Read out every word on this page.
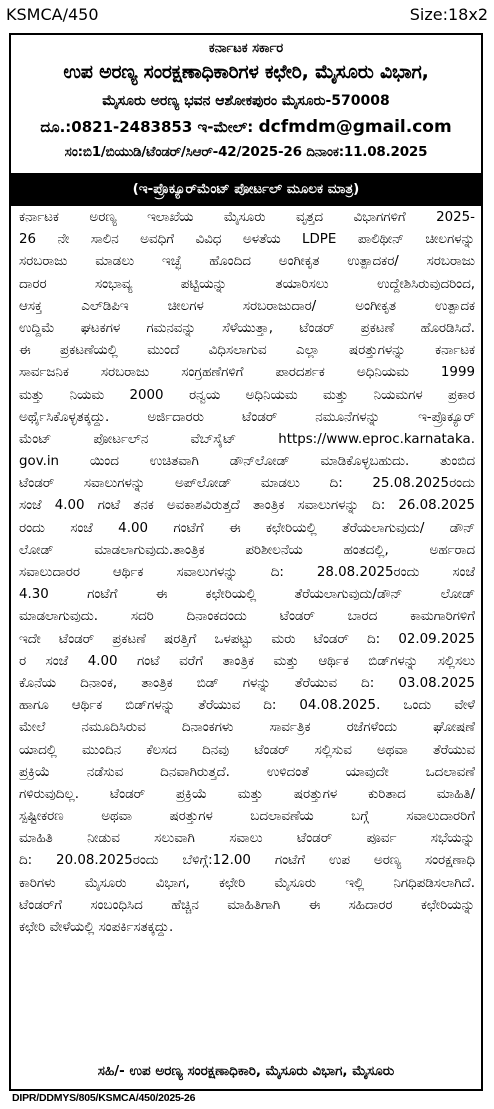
KSMCA/450	Size:18x2
ಕರ್ನಾಟಕ ಸರ್ಕಾರ
ಉಪ ಅರಣ್ಯ ಸಂರಕ್ಷಣಾಧಿಕಾರಿಗಳ ಕಛೇರಿ, ಮೈಸೂರು ವಿಭಾಗ,
ಮೈಸೂರು ಅರಣ್ಯ ಭವನ ಆಶೋಕಪುರಂ ಮೈಸೂರು-570008
ದೂ.:0821-2483853 ಇ-ಮೇಲ್: dcfmdm@gmail.com
ಸಂ:ಬಿ1/ಬಿಯುಡಿ/ಟೆಂಡರ್/ಸಿಆರ್-42/2025-26 ದಿನಾಂಕ:11.08.2025
(ಇ-ಪ್ರೊಕ್ಯೂರ್‌ಮೆಂಟ್ ಪೋರ್ಟಲ್ ಮೂಲಕ ಮಾತ್ರ)
ಕರ್ನಾಟಕ ಅರಣ್ಯ ಇಲಾಖೆಯ ಮೈಸೂರು ವೃತ್ತದ ವಿಭಾಗಗಳಿಗೆ 2025-
26 ನೇ ಸಾಲಿನ ಅವಧಿಗೆ ವಿವಿಧ ಅಳತೆಯ LDPE ಪಾಲಿಥೀನ್ ಚೀಲಗಳನ್ನು
ಸರಬರಾಜು ಮಾಡಲು ಇಚ್ಛೆ ಹೊಂದಿದ ಅಂಗೀಕೃತ ಉತ್ಪಾದಕರ/ ಸರಬರಾಜು
ದಾರರ ಸಂಭಾವ್ಯ ಪಟ್ಟಿಯನ್ನು ತಯಾರಿಸಲು ಉದ್ದೇಶಿಸಿರುವುದರಿಂದ,
ಆಸಕ್ತ ಎಲ್‌ಡಿಪಿಇ ಚೀಲಗಳ ಸರಬರಾಜುದಾರ/ ಅಂಗೀಕೃತ ಉತ್ಪಾದಕ
ಉದ್ದಿಮೆ ಘಟಕಗಳ ಗಮನವನ್ನು ಸೆಳೆಯುತ್ತಾ, ಟೆಂಡರ್ ಪ್ರಕಟಣೆ ಹೊರಡಿಸಿದೆ.
ಈ ಪ್ರಕಟಣೆಯಲ್ಲಿ ಮುಂದೆ ವಿಧಿಸಲಾಗುವ ಎಲ್ಲಾ ಷರತ್ತುಗಳನ್ನು ಕರ್ನಾಟಕ
ಸಾರ್ವಜನಿಕ ಸರಬರಾಜು ಸಂಗ್ರಹಣೆಗಳಿಗೆ ಪಾರದರ್ಶಕ ಅಧಿನಿಯಮ 1999
ಮತ್ತು ನಿಯಮ 2000 ರನ್ವಯ ಅಧಿನಿಯಮ ಮತ್ತು ನಿಯಮಗಳ ಪ್ರಕಾರ
ಅರ್ಥೈಸಿಕೊಳ್ಳತಕ್ಕದ್ದು. ಅರ್ಜಿದಾರರು ಟೆಂಡರ್ ನಮೂನೆಗಳನ್ನು ಇ-ಪ್ರೊಕ್ಯೂರ್
ಮೆಂಟ್ ಪೋರ್ಟಲ್‌ನ ವೆಬ್‌ಸೈಟ್ https://www.eproc.karnataka.
gov.in ಯಿಂದ ಉಚಿತವಾಗಿ ಡೌನ್‌ಲೋಡ್ ಮಾಡಿಕೊಳ್ಳಬಹುದು. ತುಂಬಿದ
ಟೆಂಡರ್ ಸವಾಲುಗಳನ್ನು ಅಪ್‌ಲೋಡ್ ಮಾಡಲು ದಿ: 25.08.2025ರಂದು
ಸಂಜೆ 4.00 ಗಂಟೆ ತನಕ ಅವಕಾಶವಿರುತ್ತದೆ ತಾಂತ್ರಿಕ ಸವಾಲುಗಳನ್ನು ದಿ: 26.08.2025
ರಂದು ಸಂಜೆ 4.00 ಗಂಟೆಗೆ ಈ ಕಛೇರಿಯಲ್ಲಿ ತೆರೆಯಲಾಗುವುದು/ ಡೌನ್
ಲೋಡ್ ಮಾಡಲಾಗುವುದು.ತಾಂತ್ರಿಕ ಪರಿಶೀಲನೆಯ ಹಂತದಲ್ಲಿ, ಅರ್ಹರಾದ
ಸವಾಲುದಾರರ ಆರ್ಥಿಕ ಸವಾಲುಗಳನ್ನು ದಿ: 28.08.2025ರಂದು ಸಂಜೆ
4.30 ಗಂಟೆಗೆ ಈ ಕಛೇರಿಯಲ್ಲಿ ತೆರೆಯಲಾಗುವುದು/ಡೌನ್ ಲೋಡ್
ಮಾಡಲಾಗುವುದು. ಸದರಿ ದಿನಾಂಕದಂದು ಟೆಂಡರ್ ಬಾರದ ಕಾಮಗಾರಿಗಳಿಗೆ
ಇದೇ ಟೆಂಡರ್ ಪ್ರಕಟಣೆ ಷರತ್ತಿಗೆ ಒಳಪಟ್ಟು ಮರು ಟೆಂಡರ್ ದಿ: 02.09.2025
ರ ಸಂಜೆ 4.00 ಗಂಟೆ ವರೆಗೆ ತಾಂತ್ರಿಕ ಮತ್ತು ಆರ್ಥಿಕ ಬಿಡ್‌ಗಳನ್ನು ಸಲ್ಲಿಸಲು
ಕೊನೆಯ ದಿನಾಂಕ, ತಾಂತ್ರಿಕ ಬಿಡ್ ಗಳನ್ನು ತೆರೆಯುವ ದಿ: 03.08.2025
ಹಾಗೂ ಆರ್ಥಿಕ ಬಿಡ್‌ಗಳನ್ನು ತೆರೆಯುವ ದಿ: 04.08.2025. ಒಂದು ವೇಳೆ
ಮೇಲೆ ನಮೂದಿಸಿರುವ ದಿನಾಂಕಗಳು ಸಾರ್ವತ್ರಿಕ ರಜೆಗಳೆಂದು ಘೋಷಣೆ
ಯಾದಲ್ಲಿ ಮುಂದಿನ ಕೆಲಸದ ದಿನವು ಟೆಂಡರ್ ಸಲ್ಲಿಸುವ ಅಥವಾ ತೆರೆಯುವ
ಪ್ರಕ್ರಿಯೆ ನಡೆಸುವ ದಿನವಾಗಿರುತ್ತದೆ. ಉಳಿದಂತೆ ಯಾವುದೇ ಒದಲಾವಣೆ
ಗಳಿರುವುದಿಲ್ಲ. ಟೆಂಡರ್ ಪ್ರಕ್ರಿಯೆ ಮತ್ತು ಷರತ್ತುಗಳ ಕುರಿತಾದ ಮಾಹಿತಿ/
ಸ್ಪಷ್ಟೀಕರಣ ಅಥವಾ ಷರತ್ತುಗಳ ಬದಲಾವಣೆಯ ಬಗ್ಗೆ ಸವಾಲುದಾರರಿಗೆ
ಮಾಹಿತಿ ನೀಡುವ ಸಲುವಾಗಿ ಸವಾಲು ಟೆಂಡರ್ ಪೂರ್ವ ಸಭೆಯನ್ನು
ದಿ: 20.08.2025ರಂದು ಬೆಳಿಗ್ಗೆ:12.00 ಗಂಟೆಗೆ ಉಪ ಅರಣ್ಯ ಸಂರಕ್ಷಣಾಧಿ
ಕಾರಿಗಳು ಮೈಸೂರು ವಿಭಾಗ, ಕಛೇರಿ ಮೈಸೂರು ಇಲ್ಲಿ ನಿಗಧಿಪಡಿಸಲಾಗಿದೆ.
ಟೆಂಡರ್‌ಗೆ ಸಂಬಂಧಿಸಿದ ಹೆಚ್ಚಿನ ಮಾಹಿತಿಗಾಗಿ ಈ ಸಹಿದಾರರ ಕಛೇರಿಯನ್ನು
ಕಛೇರಿ ವೇಳೆಯಲ್ಲಿ ಸಂಪರ್ಕಿಸತಕ್ಕದ್ದು.
ಸಹಿ/- ಉಪ ಅರಣ್ಯ ಸಂರಕ್ಷಣಾಧಿಕಾರಿ, ಮೈಸೂರು ವಿಭಾಗ, ಮೈಸೂರು
DIPR/DDMYS/805/KSMCA/450/2025-26
